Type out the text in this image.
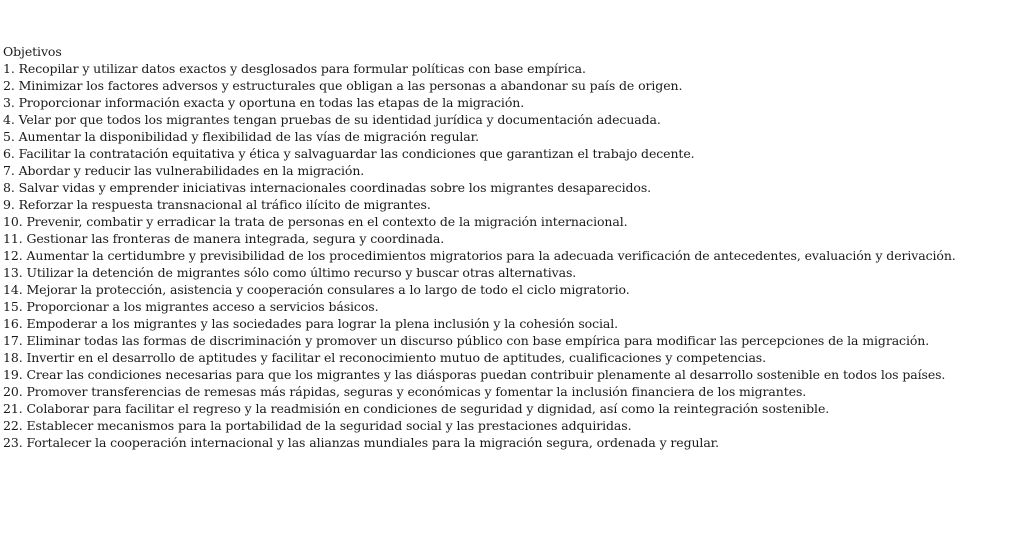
Objetivos
1. Recopilar y utilizar datos exactos y desglosados para formular políticas con base empírica.
2. Minimizar los factores adversos y estructurales que obligan a las personas a abandonar su país de origen.
3. Proporcionar información exacta y oportuna en todas las etapas de la migración.
4. Velar por que todos los migrantes tengan pruebas de su identidad jurídica y documentación adecuada.
5. Aumentar la disponibilidad y flexibilidad de las vías de migración regular.
6. Facilitar la contratación equitativa y ética y salvaguardar las condiciones que garantizan el trabajo decente.
7. Abordar y reducir las vulnerabilidades en la migración.
8. Salvar vidas y emprender iniciativas internacionales coordinadas sobre los migrantes desaparecidos.
9. Reforzar la respuesta transnacional al tráfico ilícito de migrantes.
10. Prevenir, combatir y erradicar la trata de personas en el contexto de la migración internacional.
11. Gestionar las fronteras de manera integrada, segura y coordinada.
12. Aumentar la certidumbre y previsibilidad de los procedimientos migratorios para la adecuada verificación de antecedentes, evaluación y derivación.
13. Utilizar la detención de migrantes sólo como último recurso y buscar otras alternativas.
14. Mejorar la protección, asistencia y cooperación consulares a lo largo de todo el ciclo migratorio.
15. Proporcionar a los migrantes acceso a servicios básicos.
16. Empoderar a los migrantes y las sociedades para lograr la plena inclusión y la cohesión social.
17. Eliminar todas las formas de discriminación y promover un discurso público con base empírica para modificar las percepciones de la migración.
18. Invertir en el desarrollo de aptitudes y facilitar el reconocimiento mutuo de aptitudes, cualificaciones y competencias.
19. Crear las condiciones necesarias para que los migrantes y las diásporas puedan contribuir plenamente al desarrollo sostenible en todos los países.
20. Promover transferencias de remesas más rápidas, seguras y económicas y fomentar la inclusión financiera de los migrantes.
21. Colaborar para facilitar el regreso y la readmisión en condiciones de seguridad y dignidad, así como la reintegración sostenible.
22. Establecer mecanismos para la portabilidad de la seguridad social y las prestaciones adquiridas.
23. Fortalecer la cooperación internacional y las alianzas mundiales para la migración segura, ordenada y regular.
